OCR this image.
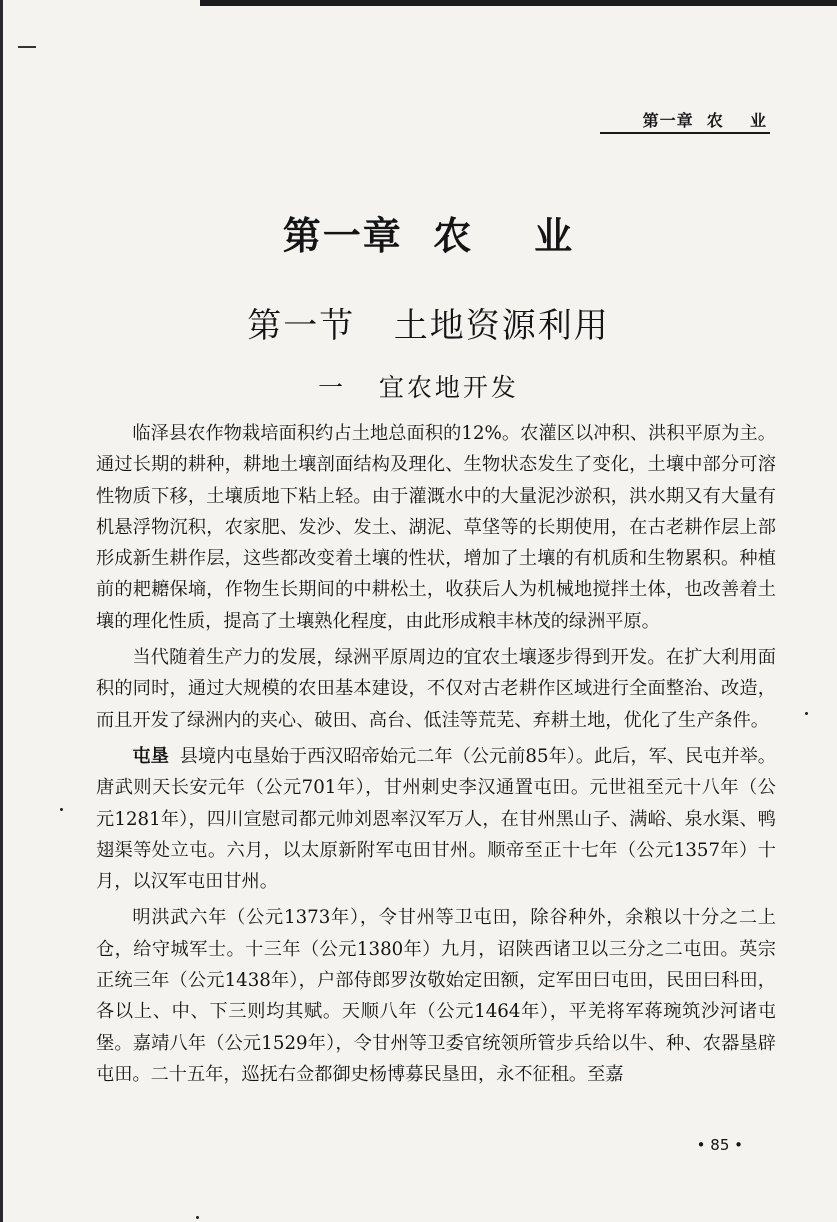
第一章  农    业
第一章  农    业
第一节   土地资源利用
一   宜农地开发

临泽县农作物栽培面积约占土地总面积的12%。农灌区以冲积、洪积平原为主。通过长期的耕种，耕地土壤剖面结构及理化、生物状态发生了变化，土壤中部分可溶性物质下移，土壤质地下粘上轻。由于灌溉水中的大量泥沙淤积，洪水期又有大量有机悬浮物沉积，农家肥、发沙、发土、湖泥、草垡等的长期使用，在古老耕作层上部形成新生耕作层，这些都改变着土壤的性状，增加了土壤的有机质和生物累积。种植前的耙耱保墒，作物生长期间的中耕松土，收获后人为机械地搅拌土体，也改善着土壤的理化性质，提高了土壤熟化程度，由此形成粮丰林茂的绿洲平原。

当代随着生产力的发展，绿洲平原周边的宜农土壤逐步得到开发。在扩大利用面积的同时，通过大规模的农田基本建设，不仅对古老耕作区域进行全面整治、改造，而且开发了绿洲内的夹心、破田、高台、低洼等荒芜、弃耕土地，优化了生产条件。

屯垦 县境内屯垦始于西汉昭帝始元二年（公元前85年）。此后，军、民屯并举。唐武则天长安元年（公元701年），甘州刺史李汉通置屯田。元世祖至元十八年（公元1281年），四川宣慰司都元帅刘恩率汉军万人，在甘州黑山子、满峪、泉水渠、鸭翅渠等处立屯。六月，以太原新附军屯田甘州。顺帝至正十七年（公元1357年）十月，以汉军屯田甘州。

明洪武六年（公元1373年），令甘州等卫屯田，除谷种外，余粮以十分之二上仓，给守城军士。十三年（公元1380年）九月，诏陕西诸卫以三分之二屯田。英宗正统三年（公元1438年），户部侍郎罗汝敬始定田额，定军田曰屯田，民田曰科田，各以上、中、下三则均其赋。天顺八年（公元1464年），平羌将军蒋琬筑沙河诸屯堡。嘉靖八年（公元1529年），令甘州等卫委官统领所管步兵给以牛、种、农器垦辟屯田。二十五年，巡抚右佥都御史杨博募民垦田，永不征租。至嘉

• 85 •
